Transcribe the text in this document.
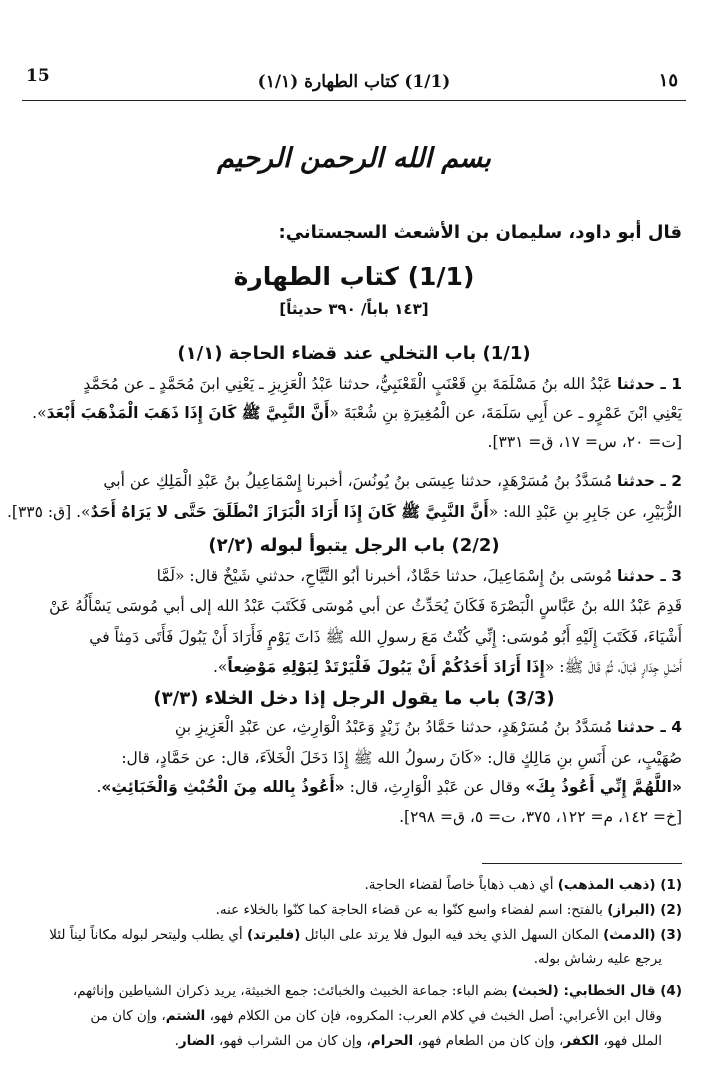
15	(1/1) كتاب الطهارة (١/١)	١٥
بسم الله الرحمن الرحيم
قال أبو داود، سليمان بن الأشعث السجستاني:
(1/1) كتاب الطهارة
[١٤٣ باباً/ ٣٩٠ حديثاً]
(1/1) باب التخلي عند قضاء الحاجة (١/١)
1 ـ حدثنا عَبْدُ الله بنُ مَسْلَمَةَ بنِ قَعْنَبٍ الْقَعْنَبِيُّ، حدثنا عَبْدُ الْعَزِيزِ ـ يَعْنِي ابنَ مُحَمَّدٍ ـ عن مُحَمَّدٍ
يَعْنِي ابْنَ عَمْرٍو ـ عن أَبِي سَلَمَةَ، عن الْمُغِيرَةِ بنِ شُعْبَةَ «أَنَّ النَّبِيَّ ﷺ كَانَ إِذَا ذَهَبَ الْمَذْهَبَ أَبْعَدَ».
[ت= ٢٠، س= ١٧، ق= ٣٣١].
2 ـ حدثنا مُسَدَّدُ بنُ مُسَرْهَدٍ، حدثنا عِيسَى بنُ يُونُسَ، أخبرنا إِسْمَاعِيلُ بنُ عَبْدِ الْمَلِكِ عن أبي
الزُّبَيْرِ، عن جَابِرِ بنِ عَبْدِ الله: «أَنَّ النَّبِيَّ ﷺ كَانَ إِذَا أَرَادَ الْبَرَازَ انْطَلَقَ حَتَّى لا يَرَاهُ أَحَدٌ». [ق: ٣٣٥].
(2/2) باب الرجل يتبوأ لبوله (٢/٢)
3 ـ حدثنا مُوسَى بنُ إِسْمَاعِيلَ، حدثنا حَمَّادٌ، أخبرنا أبُو التَّيَّاحِ، حدثني شَيْخٌ قال: «لَمَّا
قَدِمَ عَبْدُ الله بنُ عَبَّاسٍ الْبَصْرَةَ فَكَانَ يُحَدِّثُ عن أبي مُوسَى فَكَتَبَ عَبْدُ الله إلى أبي مُوسَى يَسْأَلُهُ عَنْ
أَشْيَاءَ، فَكَتَبَ إِلَيْهِ أَبُو مُوسَى: إِنِّي كُنْتُ مَعَ رسولِ الله ﷺ ذَاتَ يَوْمٍ فَأَرَادَ أَنْ يَبُولَ فَأَتَى دَمِثاً في
أَصْلِ جِدَارٍ فَبَالَ، ثُمَّ قَالَ ﷺ: «إِذَا أَرَادَ أَحَدُكُمْ أَنْ يَبُولَ فَلْيَرْتَدْ لِبَوْلِهِ مَوْضِعاً».
(3/3) باب ما يقول الرجل إذا دخل الخلاء (٣/٣)
4 ـ حدثنا مُسَدَّدُ بنُ مُسَرْهَدٍ، حدثنا حَمَّادُ بنُ زَيْدٍ وَعَبْدُ الْوَارِثِ، عن عَبْدِ الْعَزِيزِ بنِ
صُهَيْبٍ، عن أَنَسِ بنِ مَالِكٍ قال: «كَانَ رسولُ الله ﷺ إِذَا دَخَلَ الْخَلاَءَ، قال: عن حَمَّادٍ، قال:
«اللَّهُمَّ إِنِّي أَعُوذُ بِكَ» وقال عن عَبْدِ الْوَارِثِ، قال: «أَعُوذُ بِالله مِنَ الْخُبْثِ وَالْخَبَائِثِ».
[خ= ١٤٢، م= ١٢٢، ٣٧٥، ت= ٥، ق= ٢٩٨].
(1) (ذهب المذهب) أي ذهب ذهاباً خاصاً لقضاء الحاجة.
(2) (البراز) بالفتح: اسم لفضاء واسع كنّوا به عن قضاء الحاجة كما كنّوا بالخلاء عنه.
(3) (الدمث) المكان السهل الذي يخد فيه البول فلا يرتد على البائل (فليرتد) أي يطلب وليتحر لبوله مكاناً ليناً لئلا
يرجع عليه رشاش بوله.
(4) قال الخطابي: (لخبث) بضم الباء: جماعة الخبيث والخبائث: جمع الخبيثة، يريد ذكران الشياطين وإناثهم،
وقال ابن الأعرابي: أصل الخبث في كلام العرب: المكروه، فإن كان من الكلام فهو، الشتم، وإن كان من
الملل فهو، الكفر، وإن كان من الطعام فهو، الحرام، وإن كان من الشراب فهو، الضار.
